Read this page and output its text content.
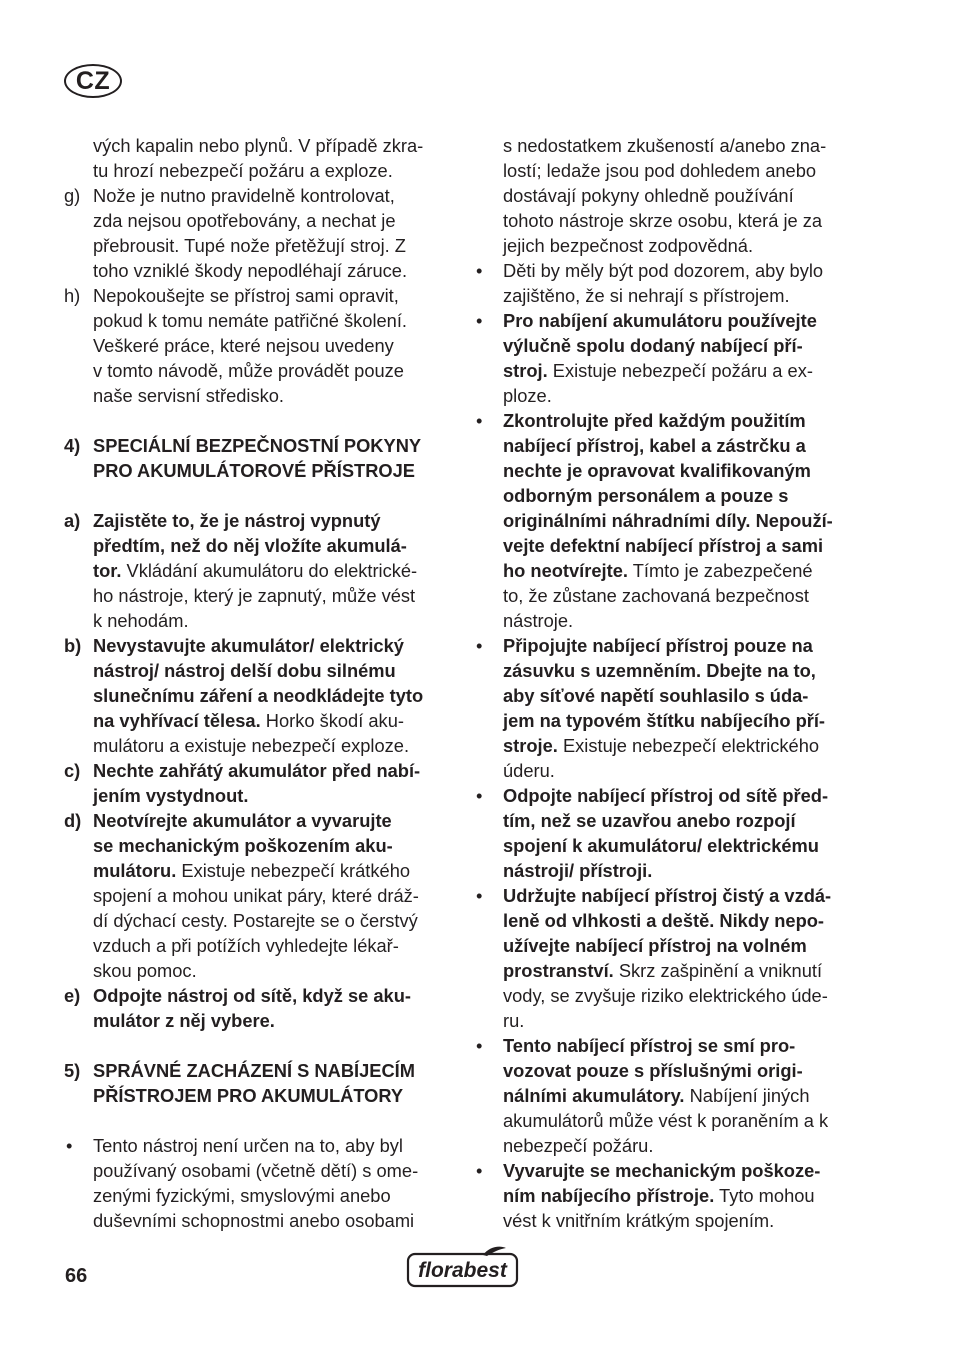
CZ
vých kapalin nebo plynů. V případě zkra-
tu hrozí nebezpečí požáru a exploze.
g) Nože je nutno pravidelně kontrolovat,
zda nejsou opotřebovány, a nechat je
přebrousit. Tupé nože přetěžují stroj. Z
toho vzniklé škody nepodléhají záruce.
h) Nepokoušejte se přístroj sami opravit,
pokud k tomu nemáte patřičné školení.
Veškeré práce, které nejsou uvedeny
v tomto návodě, může provádět pouze
naše servisní středisko.
4) SPECIÁLNÍ BEZPEČNOSTNÍ POKYNY
PRO AKUMULÁTOROVÉ PŘÍSTROJE
a) Zajistěte to, že je nástroj vypnutý
předtím, než do něj vložíte akumulá-
tor. Vkládání akumulátoru do elektrické-
ho nástroje, který je zapnutý, může vést
k nehodám.
b) Nevystavujte akumulátor/ elektrický
nástroj/ nástroj delší dobu silnému
slunečnímu záření a neodkládejte tyto
na vyhřívací tělesa. Horko škodí aku-
mulátoru a existuje nebezpečí exploze.
c) Nechte zahřátý akumulátor před nabí-
jením vystydnout.
d) Neotvírejte akumulátor a vyvarujte
se mechanickým poškozením aku-
mulátoru. Existuje nebezpečí krátkého
spojení a mohou unikat páry, které dráž-
dí dýchací cesty. Postarejte se o čerstvý
vzduch a při potížích vyhledejte lékař-
skou pomoc.
e) Odpojte nástroj od sítě, když se aku-
mulátor z něj vybere.
5) SPRÁVNÉ ZACHÁZENÍ S NABÍJECÍM
PŘÍSTROJEM PRO AKUMULÁTORY
• Tento nástroj není určen na to, aby byl
používaný osobami (včetně dětí) s ome-
zenými fyzickými, smyslovými anebo
duševními schopnostmi anebo osobami
s nedostatkem zkušeností a/anebo zna-
lostí; ledaže jsou pod dohledem anebo
dostávají pokyny ohledně používání
tohoto nástroje skrze osobu, která je za
jejich bezpečnost zodpovědná.
• Děti by měly být pod dozorem, aby bylo
zajištěno, že si nehrají s přístrojem.
• Pro nabíjení akumulátoru používejte
výlučně spolu dodaný nabíjecí pří-
stroj. Existuje nebezpečí požáru a ex-
ploze.
• Zkontrolujte před každým použitím
nabíjecí přístroj, kabel a zástrčku a
nechte je opravovat kvalifikovaným
odborným personálem a pouze s
originálními náhradními díly. Nepouží-
vejte defektní nabíjecí přístroj a sami
ho neotvírejte. Tímto je zabezpečené
to, že zůstane zachovaná bezpečnost
nástroje.
• Připojujte nabíjecí přístroj pouze na
zásuvku s uzemněním. Dbejte na to,
aby síťové napětí souhlasilo s úda-
jem na typovém štítku nabíjecího pří-
stroje. Existuje nebezpečí elektrického
úderu.
• Odpojte nabíjecí přístroj od sítě před-
tím, než se uzavřou anebo rozpojí
spojení k akumulátoru/ elektrickému
nástroji/ přístroji.
• Udržujte nabíjecí přístroj čistý a vzdá-
leně od vlhkosti a deště. Nikdy nepo-
užívejte nabíjecí přístroj na volném
prostranství. Skrz zašpinění a vniknutí
vody, se zvyšuje riziko elektrického úde-
ru.
• Tento nabíjecí přístroj se smí pro-
vozovat pouze s příslušnými origi-
nálními akumulátory. Nabíjení jiných
akumulátorů může vést k poraněním a k
nebezpečí požáru.
• Vyvarujte se mechanickým poškoze-
ním nabíjecího přístroje. Tyto mohou
vést k vnitřním krátkým spojením.
66	florabest
